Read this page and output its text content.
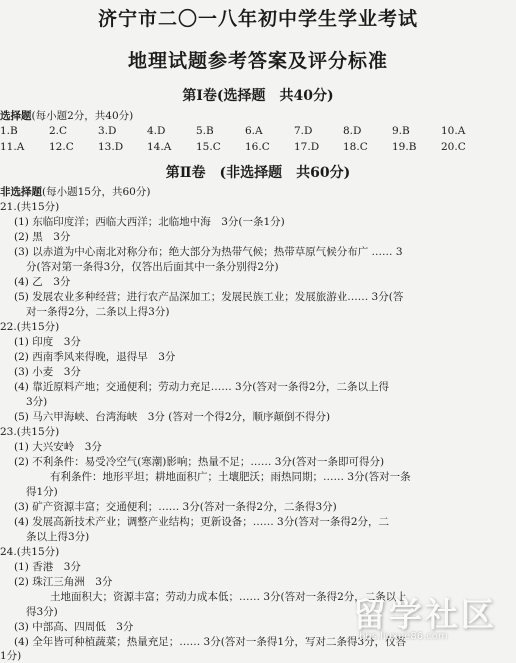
济宁市二〇一八年初中学生学业考试
地理试题参考答案及评分标准
第Ⅰ卷(选择题　共40分)
选择题(每小题2分，共40分)
1.B	2.C	3.D	4.D	5.B	6.A	7.D	8.D	9.B	10.A
11.A	12.C	13.D	14.A	15.C	16.C	17.D	18.C	19.B	20.C
第Ⅱ卷　(非选择题　共60分)
非选择题(每小题15分，共60分)
21.(共15分)
(1) 东临印度洋；西临大西洋；北临地中海　3分(一条1分)
(2) 黑　3分
(3) 以赤道为中心南北对称分布；绝大部分为热带气候；热带草原气候分布广 …… 3
分(答对第一条得3分，仅答出后面其中一条分别得2分)
(4) 乙　3分
(5) 发展农业多种经营；进行农产品深加工；发展民族工业；发展旅游业…… 3分(答
对一条得2分，二条以上得3分)
22.(共15分)
(1) 印度　3分
(2) 西南季风来得晚，退得早　3分
(3) 小麦　3分
(4) 靠近原料产地；交通便利；劳动力充足…… 3分(答对一条得2分，二条以上得
3分)
(5) 马六甲海峡、台湾海峡　3分 (答对一个得2分，顺序颠倒不得分)
23.(共15分)
(1) 大兴安岭　3分
(2) 不利条件：易受冷空气(寒潮)影响；热量不足；…… 3分(答对一条即可得分)
有利条件：地形平坦；耕地面积广；土壤肥沃；雨热同期；…… 3分(答对一条
得1分)
(3) 矿产资源丰富；交通便利；…… 3分(答对一条得2分，二条得3分)
(4) 发展高新技术产业；调整产业结构；更新设备；…… 3分(答对一条得2分，二
条以上得3分)
24.(共15分)
(1) 香港　3分
(2) 珠江三角洲　3分
土地面积大；资源丰富；劳动力成本低；…… 3分(答对一条得2分，二条以上
得3分)
(3) 中部高、四周低　3分
(4) 全年皆可种植蔬菜；热量充足；…… 3分(答对一条得1分，写对二条得3分，仅答
1分)
留学社区
bbs.liuxue86.com
